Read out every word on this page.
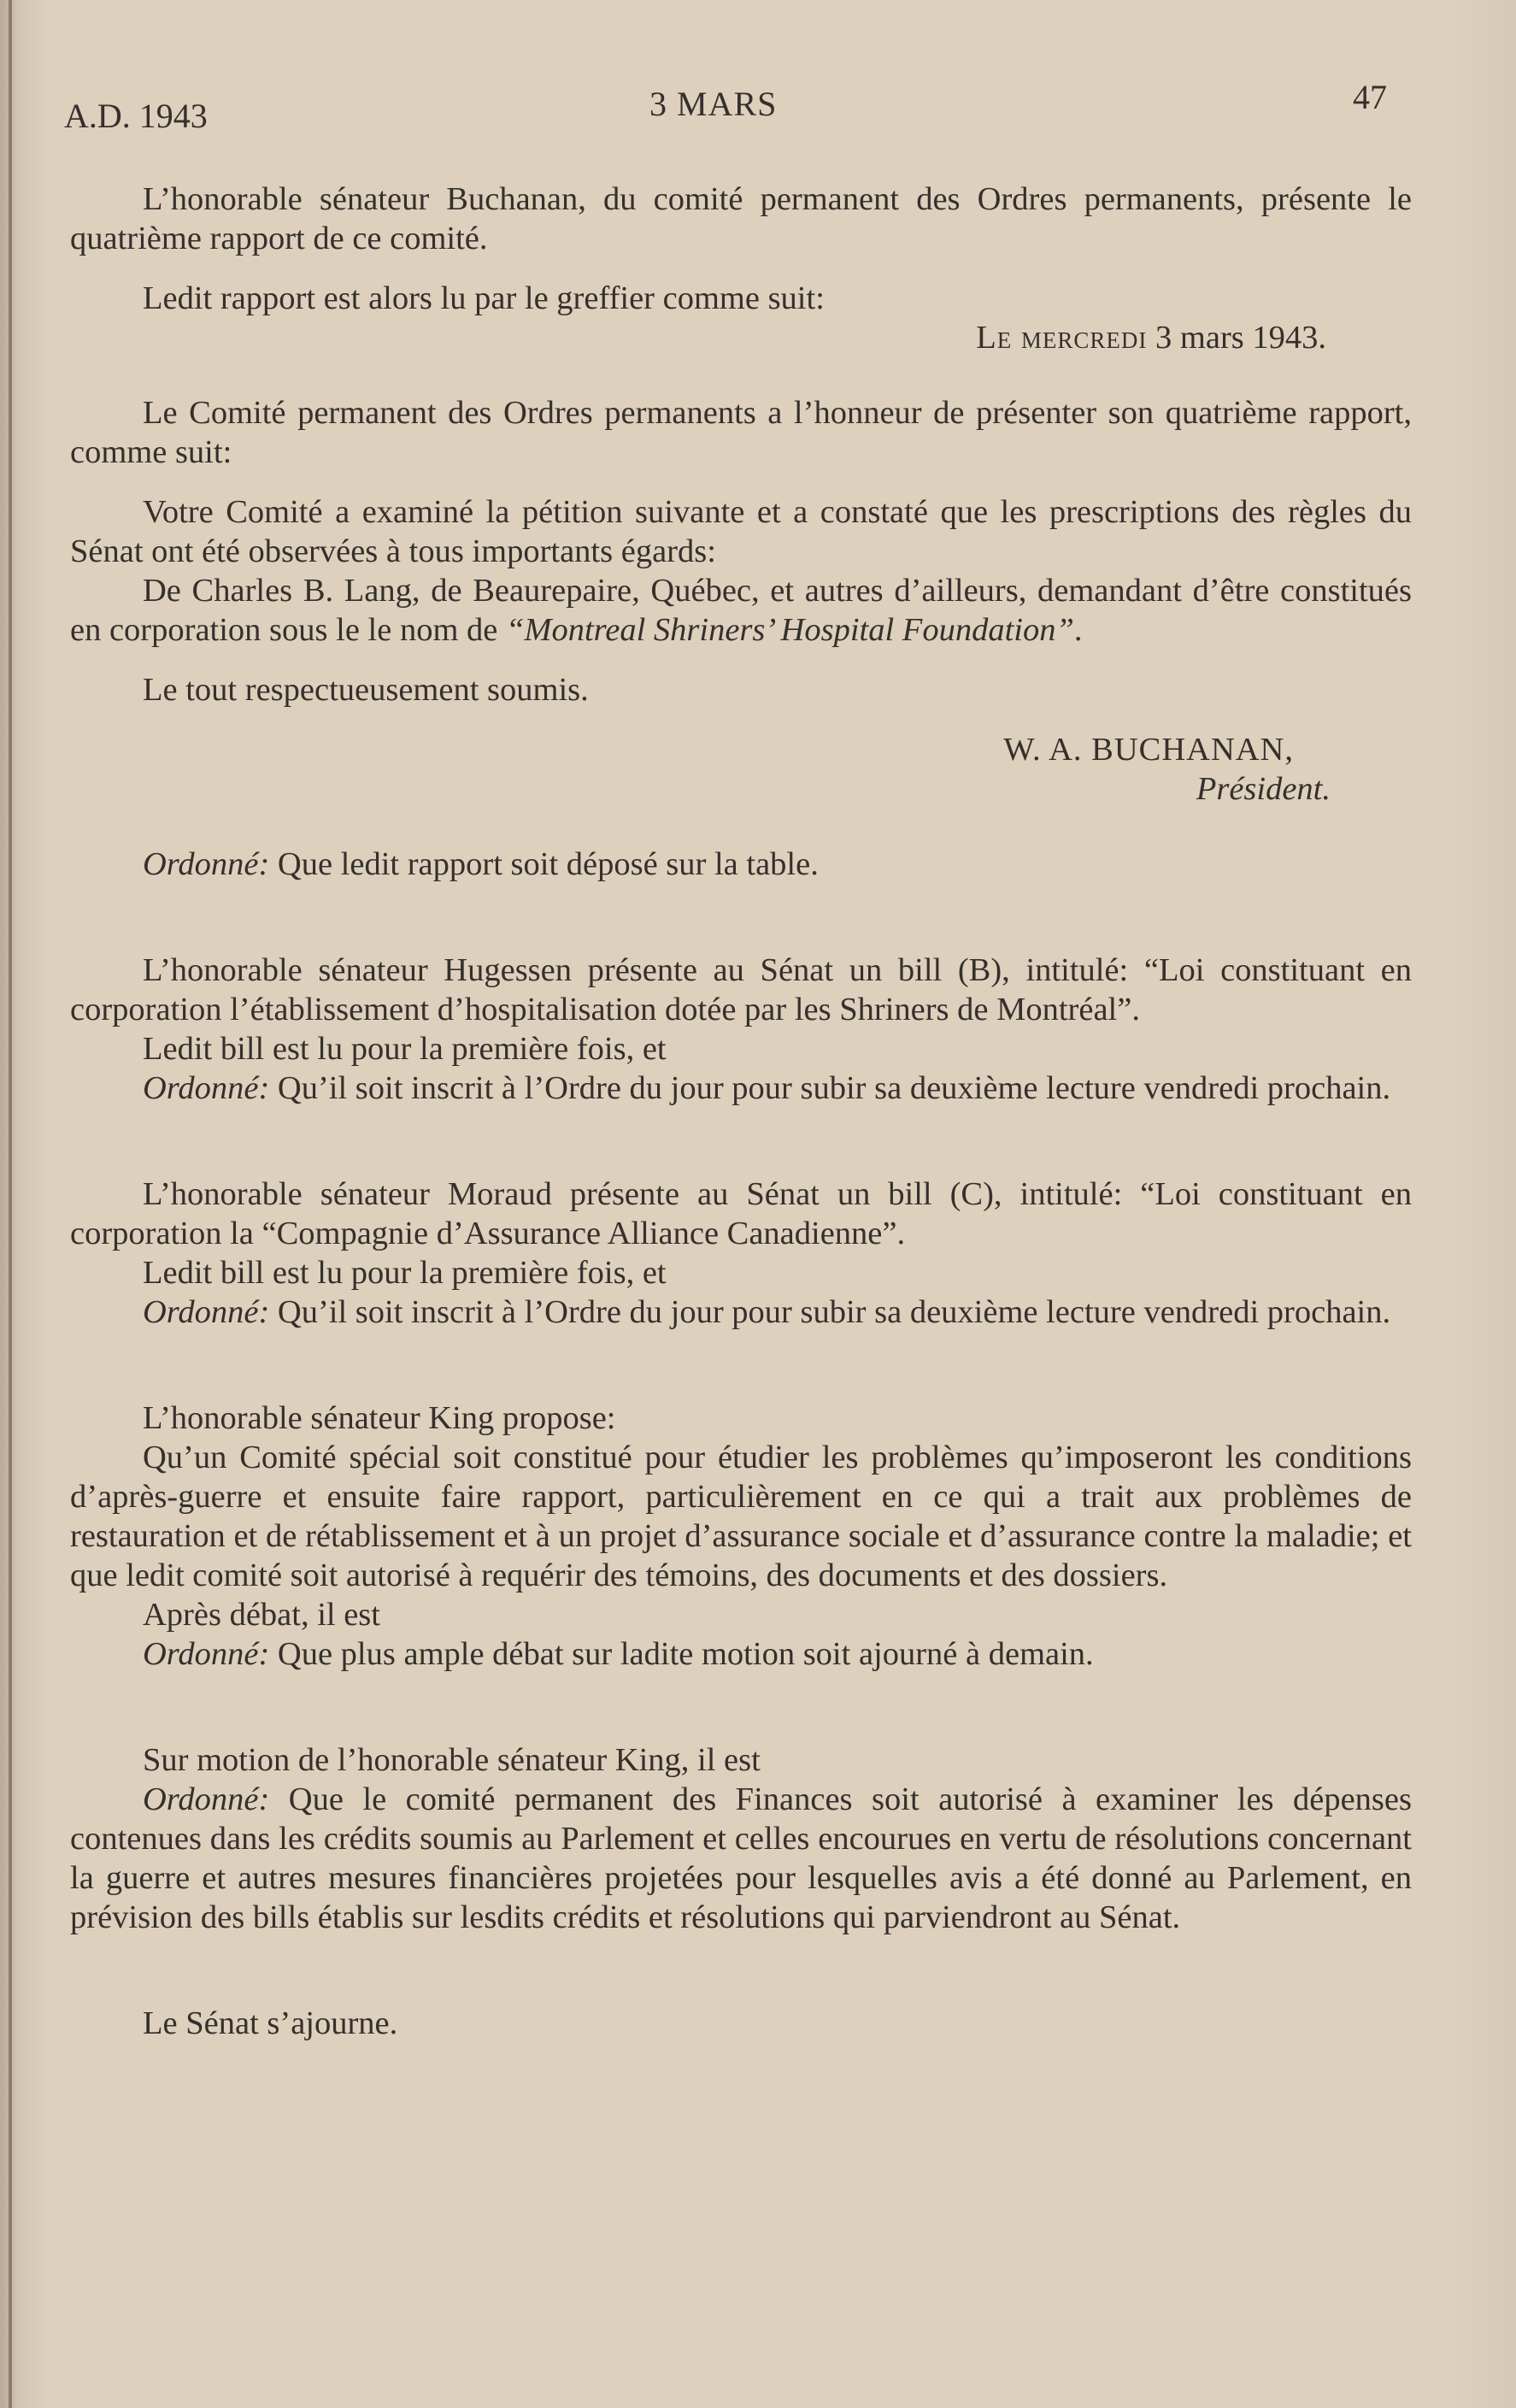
A.D. 1943	3 MARS	47

L’honorable sénateur Buchanan, du comité permanent des Ordres permanents, présente le quatrième rapport de ce comité.

Ledit rapport est alors lu par le greffier comme suit:

Le mercredi 3 mars 1943.

Le Comité permanent des Ordres permanents a l’honneur de présenter son quatrième rapport, comme suit:

Votre Comité a examiné la pétition suivante et a constaté que les prescriptions des règles du Sénat ont été observées à tous importants égards:

De Charles B. Lang, de Beaurepaire, Québec, et autres d’ailleurs, demandant d’être constitués en corporation sous le le nom de “Montreal Shriners’ Hospital Foundation”.

Le tout respectueusement soumis.

W. A. BUCHANAN,

Président.

Ordonné: Que ledit rapport soit déposé sur la table.

L’honorable sénateur Hugessen présente au Sénat un bill (B), intitulé: “Loi constituant en corporation l’établissement d’hospitalisation dotée par les Shriners de Montréal”.

Ledit bill est lu pour la première fois, et

Ordonné: Qu’il soit inscrit à l’Ordre du jour pour subir sa deuxième lecture vendredi prochain.

L’honorable sénateur Moraud présente au Sénat un bill (C), intitulé: “Loi constituant en corporation la “Compagnie d’Assurance Alliance Canadienne”.

Ledit bill est lu pour la première fois, et

Ordonné: Qu’il soit inscrit à l’Ordre du jour pour subir sa deuxième lecture vendredi prochain.

L’honorable sénateur King propose:

Qu’un Comité spécial soit constitué pour étudier les problèmes qu’imposeront les conditions d’après-guerre et ensuite faire rapport, particulièrement en ce qui a trait aux problèmes de restauration et de rétablissement et à un projet d’assurance sociale et d’assurance contre la maladie; et que ledit comité soit autorisé à requérir des témoins, des documents et des dossiers.

Après débat, il est

Ordonné: Que plus ample débat sur ladite motion soit ajourné à demain.

Sur motion de l’honorable sénateur King, il est

Ordonné: Que le comité permanent des Finances soit autorisé à examiner les dépenses contenues dans les crédits soumis au Parlement et celles encourues en vertu de résolutions concernant la guerre et autres mesures financières projetées pour lesquelles avis a été donné au Parlement, en prévision des bills établis sur lesdits crédits et résolutions qui parviendront au Sénat.

Le Sénat s’ajourne.
